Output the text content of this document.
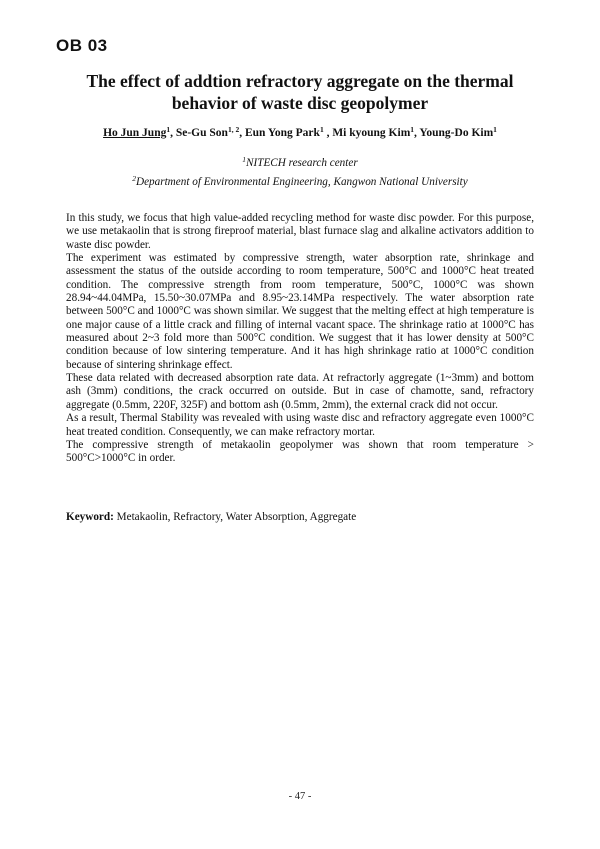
OB 03
The effect of addtion refractory aggregate on the thermal
behavior of waste disc geopolymer
Ho Jun Jung$^1$, Se-Gu Son$^{1, 2}$, Eun Yong Park$^1$ , Mi kyoung Kim$^1$, Young-Do Kim$^1$
$^1$NITECH research center
$^2$Department of Environmental Engineering, Kangwon National University

In this study, we focus that high value-added recycling method for waste disc powder. For this purpose, we use metakaolin that is strong fireproof material, blast furnace slag and alkaline activators addition to waste disc powder.

The experiment was estimated by compressive strength, water absorption rate, shrinkage and assessment the status of the outside according to room temperature, 500°C and 1000°C heat treated condition. The compressive strength from room temperature, 500°C, 1000°C was shown 28.94~44.04MPa, 15.50~30.07MPa and 8.95~23.14MPa respectively. The water absorption rate between 500°C and 1000°C was shown similar. We suggest that the melting effect at high temperature is one major cause of a little crack and filling of internal vacant space. The shrinkage ratio at 1000°C has measured about 2~3 fold more than 500°C condition. We suggest that it has lower density at 500°C condition because of low sintering temperature. And it has high shrinkage ratio at 1000°C condition because of sintering shrinkage effect.

These data related with decreased absorption rate data. At refractorly aggregate (1~3mm) and bottom ash (3mm) conditions, the crack occurred on outside. But in case of chamotte, sand, refractory aggregate (0.5mm, 220F, 325F) and bottom ash (0.5mm, 2mm), the external crack did not occur.

As a result, Thermal Stability was revealed with using waste disc and refractory aggregate even 1000°C heat treated condition. Consequently, we can make refractory mortar.

The compressive strength of metakaolin geopolymer was shown that room temperature > 500°C>1000°C in order.

Keyword: Metakaolin, Refractory, Water Absorption, Aggregate
- 47 -
